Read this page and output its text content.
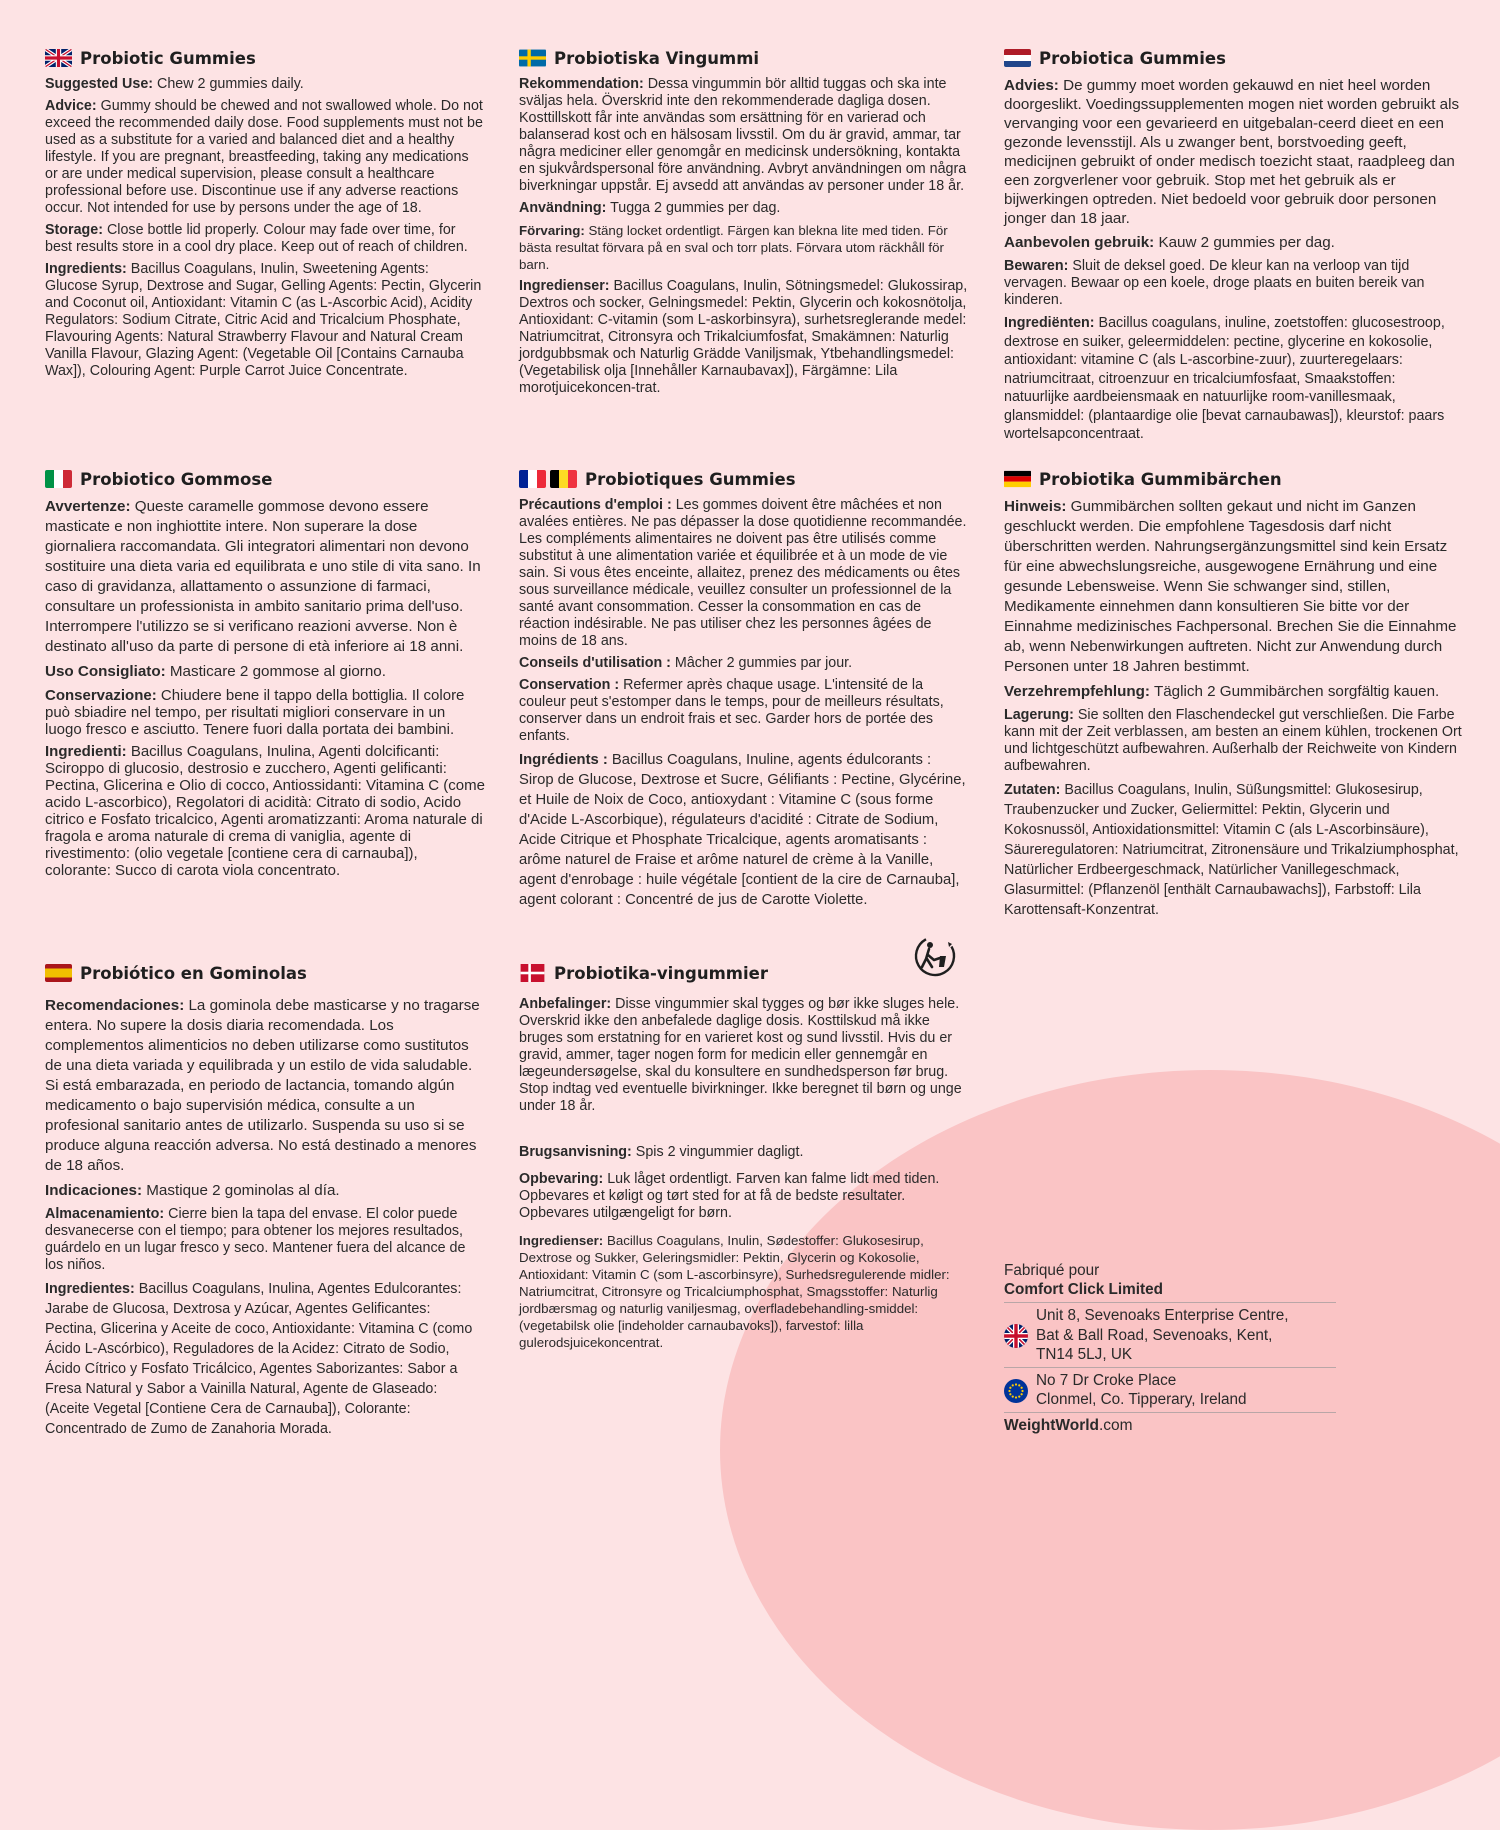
Probiotic Gummies

Suggested Use: Chew 2 gummies daily.

Advice: Gummy should be chewed and not swallowed whole. Do not exceed the recommended daily dose. Food supplements must not be used as a substitute for a varied and balanced diet and a healthy lifestyle. If you are pregnant, breastfeeding, taking any medications or are under medical supervision, please consult a healthcare professional before use. Discontinue use if any adverse reactions occur. Not intended for use by persons under the age of 18.

Storage: Close bottle lid properly. Colour may fade over time, for best results store in a cool dry place. Keep out of reach of children.

Ingredients: Bacillus Coagulans, Inulin, Sweetening Agents: Glucose Syrup, Dextrose and Sugar, Gelling Agents: Pectin, Glycerin and Coconut oil, Antioxidant: Vitamin C (as L-Ascorbic Acid), Acidity Regulators: Sodium Citrate, Citric Acid and Tricalcium Phosphate, Flavouring Agents: Natural Strawberry Flavour and Natural Cream Vanilla Flavour, Glazing Agent: (Vegetable Oil [Contains Carnauba Wax]), Colouring Agent: Purple Carrot Juice Concentrate.

Probiotiska Vingummi

Rekommendation: Dessa vingummin bör alltid tuggas och ska inte sväljas hela. Överskrid inte den rekommenderade dagliga dosen. Kosttillskott får inte användas som ersättning för en varierad och balanserad kost och en hälsosam livsstil. Om du är gravid, ammar, tar några mediciner eller genomgår en medicinsk undersökning, kontakta en sjukvårdspersonal före användning. Avbryt användningen om några biverkningar uppstår. Ej avsedd att användas av personer under 18 år.

Användning: Tugga 2 gummies per dag.

Förvaring: Stäng locket ordentligt. Färgen kan blekna lite med tiden. För bästa resultat förvara på en sval och torr plats. Förvara utom räckhåll för barn.

Ingredienser: Bacillus Coagulans, Inulin, Sötningsmedel: Glukossirap, Dextros och socker, Gelningsmedel: Pektin, Glycerin och kokosnötolja, Antioxidant: C-vitamin (som L-askorbinsyra), surhetsreglerande medel: Natriumcitrat, Citronsyra och Trikalciumfosfat, Smakämnen: Naturlig jordgubbsmak och Naturlig Grädde Vaniljsmak, Ytbehandlingsmedel: (Vegetabilisk olja [Innehåller Karnaubavax]), Färgämne: Lila morotjuicekoncen-trat.

Probiotica Gummies

Advies: De gummy moet worden gekauwd en niet heel worden doorgeslikt. Voedingssupplementen mogen niet worden gebruikt als vervanging voor een gevarieerd en uitgebalan-ceerd dieet en een gezonde levensstijl. Als u zwanger bent, borstvoeding geeft, medicijnen gebruikt of onder medisch toezicht staat, raadpleeg dan een zorgverlener voor gebruik. Stop met het gebruik als er bijwerkingen optreden. Niet bedoeld voor gebruik door personen jonger dan 18 jaar.

Aanbevolen gebruik: Kauw 2 gummies per dag.

Bewaren: Sluit de deksel goed. De kleur kan na verloop van tijd vervagen. Bewaar op een koele, droge plaats en buiten bereik van kinderen.

Ingrediënten: Bacillus coagulans, inuline, zoetstoffen: glucosestroop, dextrose en suiker, geleermiddelen: pectine, glycerine en kokosolie, antioxidant: vitamine C (als L-ascorbine-zuur), zuurteregelaars: natriumcitraat, citroenzuur en tricalciumfosfaat, Smaakstoffen: natuurlijke aardbeiensmaak en natuurlijke room-vanillesmaak, glansmiddel: (plantaardige olie [bevat carnaubawas]), kleurstof: paars wortelsapconcentraat.

Probiotico Gommose

Avvertenze: Queste caramelle gommose devono essere masticate e non inghiottite intere. Non superare la dose giornaliera raccomandata. Gli integratori alimentari non devono sostituire una dieta varia ed equilibrata e uno stile di vita sano. In caso di gravidanza, allattamento o assunzione di farmaci, consultare un professionista in ambito sanitario prima dell'uso. Interrompere l'utilizzo se si verificano reazioni avverse. Non è destinato all'uso da parte di persone di età inferiore ai 18 anni.

Uso Consigliato: Masticare 2 gommose al giorno.

Conservazione: Chiudere bene il tappo della bottiglia. Il colore può sbiadire nel tempo, per risultati migliori conservare in un luogo fresco e asciutto. Tenere fuori dalla portata dei bambini.

Ingredienti: Bacillus Coagulans, Inulina, Agenti dolcificanti: Sciroppo di glucosio, destrosio e zucchero, Agenti gelificanti: Pectina, Glicerina e Olio di cocco, Antiossidanti: Vitamina C (come acido L-ascorbico), Regolatori di acidità: Citrato di sodio, Acido citrico e Fosfato tricalcico, Agenti aromatizzanti: Aroma naturale di fragola e aroma naturale di crema di vaniglia, agente di rivestimento: (olio vegetale [contiene cera di carnauba]), colorante: Succo di carota viola concentrato.

Probiotiques Gummies

Précautions d'emploi : Les gommes doivent être mâchées et non avalées entières. Ne pas dépasser la dose quotidienne recommandée. Les compléments alimentaires ne doivent pas être utilisés comme substitut à une alimentation variée et équilibrée et à un mode de vie sain. Si vous êtes enceinte, allaitez, prenez des médicaments ou êtes sous surveillance médicale, veuillez consulter un professionnel de la santé avant consommation. Cesser la consommation en cas de réaction indésirable. Ne pas utiliser chez les personnes âgées de moins de 18 ans.

Conseils d'utilisation : Mâcher 2 gummies par jour.

Conservation : Refermer après chaque usage. L'intensité de la couleur peut s'estomper dans le temps, pour de meilleurs résultats, conserver dans un endroit frais et sec. Garder hors de portée des enfants.

Ingrédients : Bacillus Coagulans, Inuline, agents édulcorants : Sirop de Glucose, Dextrose et Sucre, Gélifiants : Pectine, Glycérine, et Huile de Noix de Coco, antioxydant : Vitamine C (sous forme d'Acide L-Ascorbique), régulateurs d'acidité : Citrate de Sodium, Acide Citrique et Phosphate Tricalcique, agents aromatisants : arôme naturel de Fraise et arôme naturel de crème à la Vanille, agent d'enrobage : huile végétale [contient de la cire de Carnauba], agent colorant : Concentré de jus de Carotte Violette.

Probiotika Gummibärchen

Hinweis: Gummibärchen sollten gekaut und nicht im Ganzen geschluckt werden. Die empfohlene Tagesdosis darf nicht überschritten werden. Nahrungsergänzungsmittel sind kein Ersatz für eine abwechslungsreiche, ausgewogene Ernährung und eine gesunde Lebensweise. Wenn Sie schwanger sind, stillen, Medikamente einnehmen dann konsultieren Sie bitte vor der Einnahme medizinisches Fachpersonal. Brechen Sie die Einnahme ab, wenn Nebenwirkungen auftreten. Nicht zur Anwendung durch Personen unter 18 Jahren bestimmt.

Verzehrempfehlung: Täglich 2 Gummibärchen sorgfältig kauen.

Lagerung: Sie sollten den Flaschendeckel gut verschließen. Die Farbe kann mit der Zeit verblassen, am besten an einem kühlen, trockenen Ort und lichtgeschützt aufbewahren. Außerhalb der Reichweite von Kindern aufbewahren.

Zutaten: Bacillus Coagulans, Inulin, Süßungsmittel: Glukosesirup, Traubenzucker und Zucker, Geliermittel: Pektin, Glycerin und Kokosnussöl, Antioxidationsmittel: Vitamin C (als L-Ascorbinsäure), Säureregulatoren: Natriumcitrat, Zitronensäure und Trikalziumphosphat, Natürlicher Erdbeergeschmack, Natürlicher Vanillegeschmack, Glasurmittel: (Pflanzenöl [enthält Carnaubawachs]), Farbstoff: Lila Karottensaft-Konzentrat.

Probiótico en Gominolas

Recomendaciones: La gominola debe masticarse y no tragarse entera. No supere la dosis diaria recomendada. Los complementos alimenticios no deben utilizarse como sustitutos de una dieta variada y equilibrada y un estilo de vida saludable. Si está embarazada, en periodo de lactancia, tomando algún medicamento o bajo supervisión médica, consulte a un profesional sanitario antes de utilizarlo. Suspenda su uso si se produce alguna reacción adversa. No está destinado a menores de 18 años.

Indicaciones: Mastique 2 gominolas al día.

Almacenamiento: Cierre bien la tapa del envase. El color puede desvanecerse con el tiempo; para obtener los mejores resultados, guárdelo en un lugar fresco y seco. Mantener fuera del alcance de los niños.

Ingredientes: Bacillus Coagulans, Inulina, Agentes Edulcorantes: Jarabe de Glucosa, Dextrosa y Azúcar, Agentes Gelificantes: Pectina, Glicerina y Aceite de coco, Antioxidante: Vitamina C (como Ácido L-Ascórbico), Reguladores de la Acidez: Citrato de Sodio, Ácido Cítrico y Fosfato Tricálcico, Agentes Saborizantes: Sabor a Fresa Natural y Sabor a Vainilla Natural, Agente de Glaseado: (Aceite Vegetal [Contiene Cera de Carnauba]), Colorante: Concentrado de Zumo de Zanahoria Morada.

Probiotika-vingummier

Anbefalinger: Disse vingummier skal tygges og bør ikke sluges hele. Overskrid ikke den anbefalede daglige dosis. Kosttilskud må ikke bruges som erstatning for en varieret kost og sund livsstil. Hvis du er gravid, ammer, tager nogen form for medicin eller gennemgår en lægeundersøgelse, skal du konsultere en sundhedsperson før brug. Stop indtag ved eventuelle bivirkninger. Ikke beregnet til børn og unge under 18 år.

Brugsanvisning: Spis 2 vingummier dagligt.

Opbevaring: Luk låget ordentligt. Farven kan falme lidt med tiden. Opbevares et køligt og tørt sted for at få de bedste resultater. Opbevares utilgængeligt for børn.

Ingredienser: Bacillus Coagulans, Inulin, Sødestoffer: Glukosesirup, Dextrose og Sukker, Geleringsmidler: Pektin, Glycerin og Kokosolie, Antioxidant: Vitamin C (som L-ascorbinsyre), Surhedsregulerende midler: Natriumcitrat, Citronsyre og Tricalciumphosphat, Smagsstoffer: Naturlig jordbærsmag og naturlig vaniljesmag, overfladebehandling-smiddel: (vegetabilsk olie [indeholder carnaubavoks]), farvestof: lilla gulerodsjuicekoncentrat.

Fabriqué pour
Comfort Click Limited
Unit 8, Sevenoaks Enterprise Centre,
Bat & Ball Road, Sevenoaks, Kent,
TN14 5LJ, UK
No 7 Dr Croke Place
Clonmel, Co. Tipperary, Ireland
WeightWorld.com
